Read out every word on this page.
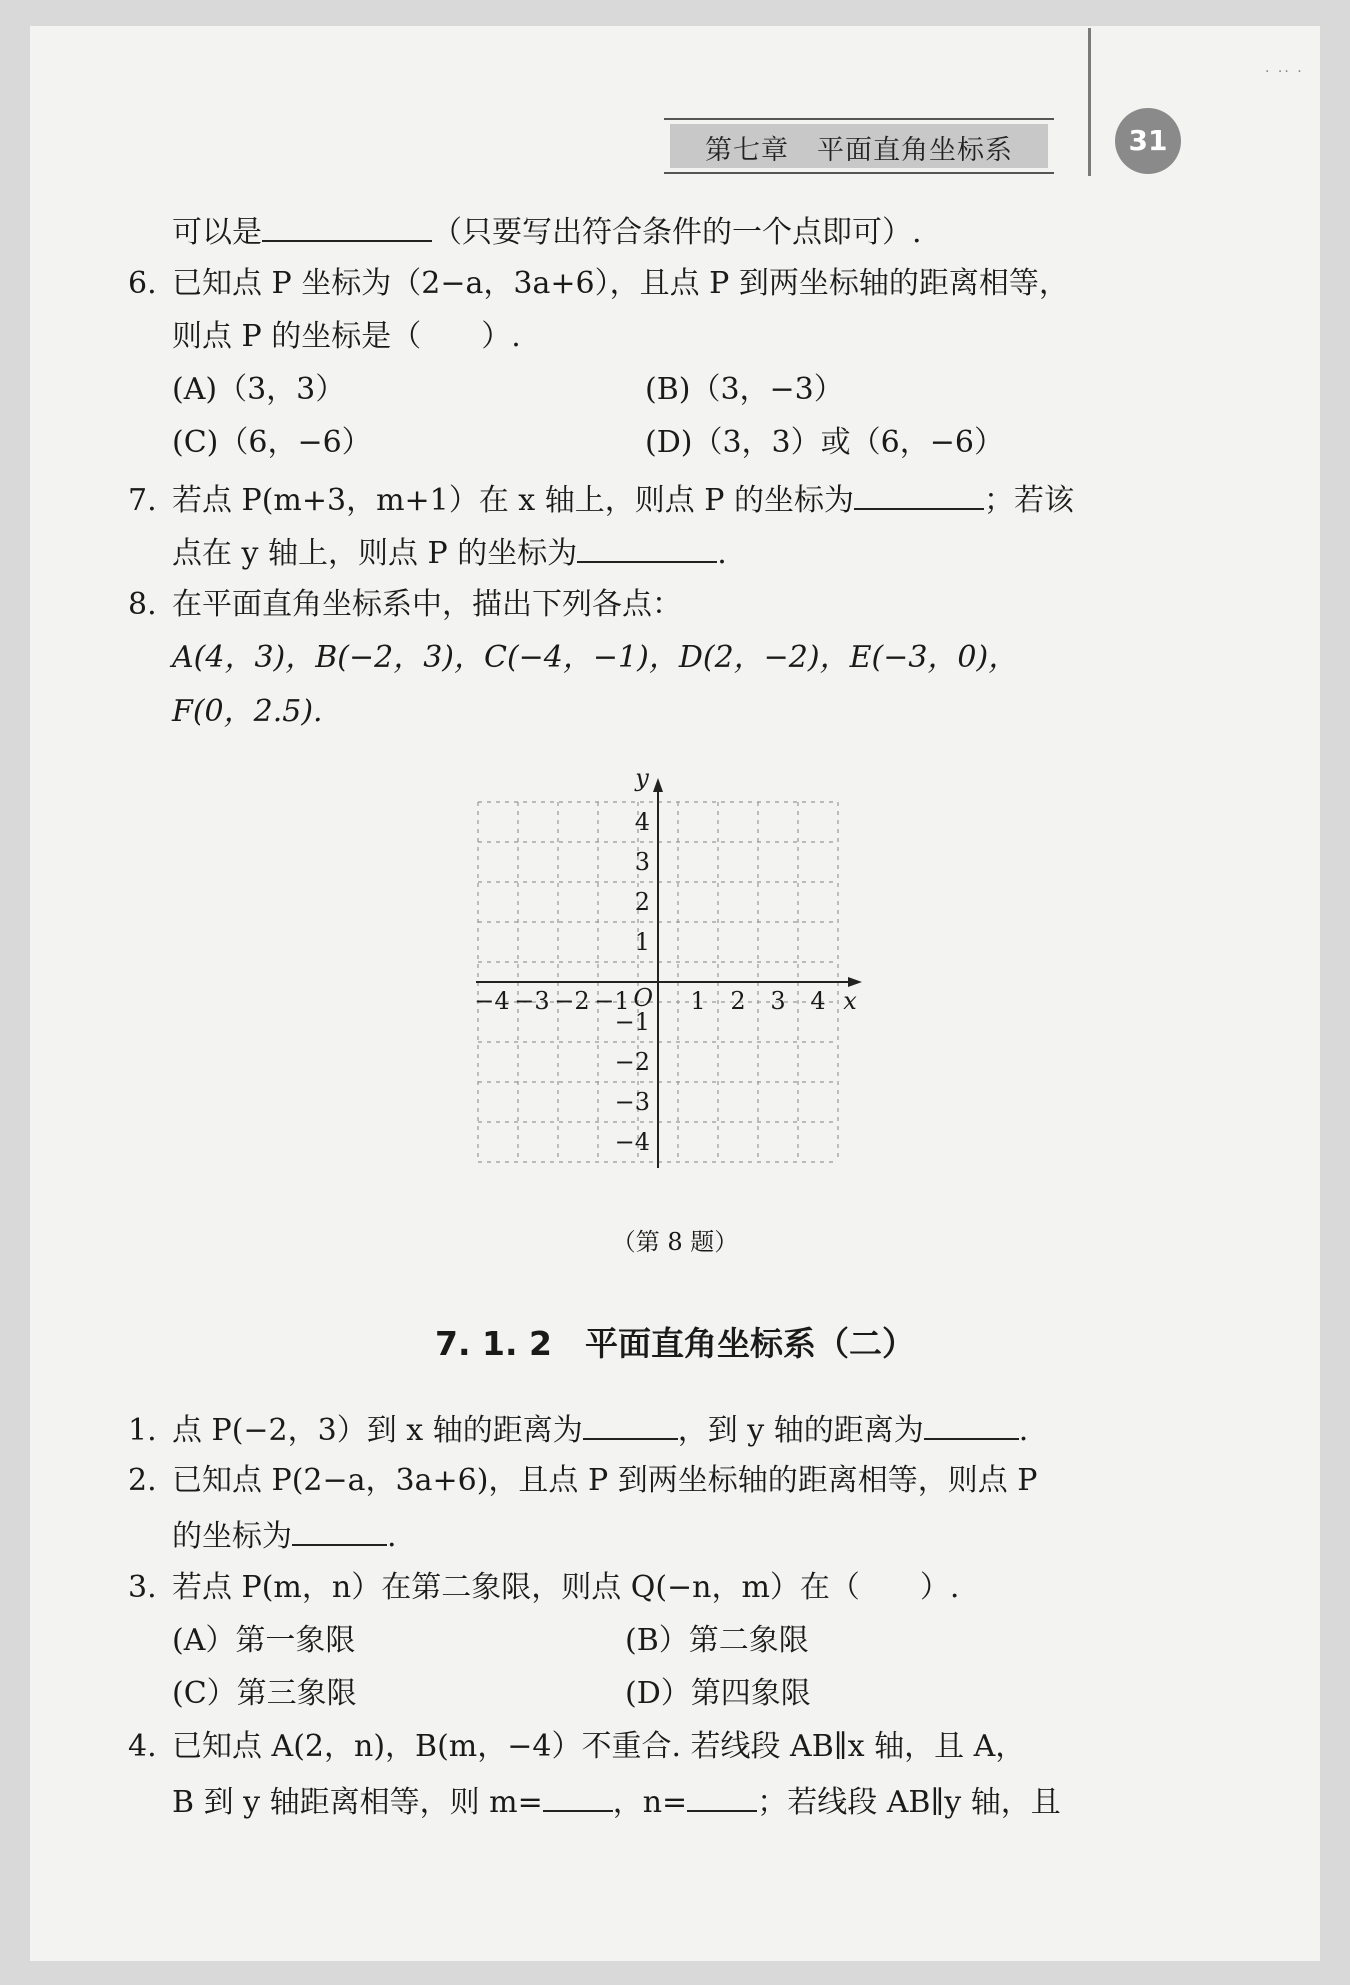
· ·· ·
第七章　平面直角坐标系	31
可以是	（只要写出符合条件的一个点即可）.
6. 已知点 P 坐标为（2−a，3a+6），且点 P 到两坐标轴的距离相等，
则点 P 的坐标是（　　）.
(A)（3，3）	(B)（3，−3）
(C)（6，−6）	(D)（3，3）或（6，−6）
7. 若点 P(m+3，m+1）在 x 轴上，则点 P 的坐标为	；若该
点在 y 轴上，则点 P 的坐标为	.
8. 在平面直角坐标系中，描出下列各点：
A(4，3)，B(−2，3)，C(−4，−1)，D(2，−2)，E(−3，0)，
F(0，2.5).
−4 −3 −2 −1	1 2 3 4
4
3
2
1
−1
−2
−3
−4
O	x
y
（第 8 题）
7. 1. 2　平面直角坐标系（二）
1. 点 P(−2，3）到 x 轴的距离为	，到 y 轴的距离为	.
2. 已知点 P(2−a，3a+6)，且点 P 到两坐标轴的距离相等，则点 P
的坐标为	.
3. 若点 P(m，n）在第二象限，则点 Q(−n，m）在（　　）.
(A）第一象限	(B）第二象限
(C）第三象限	(D）第四象限
4. 已知点 A(2，n)，B(m，−4）不重合. 若线段 AB∥x 轴，且 A，
B 到 y 轴距离相等，则 m= ，n= ；若线段 AB∥y 轴，且
